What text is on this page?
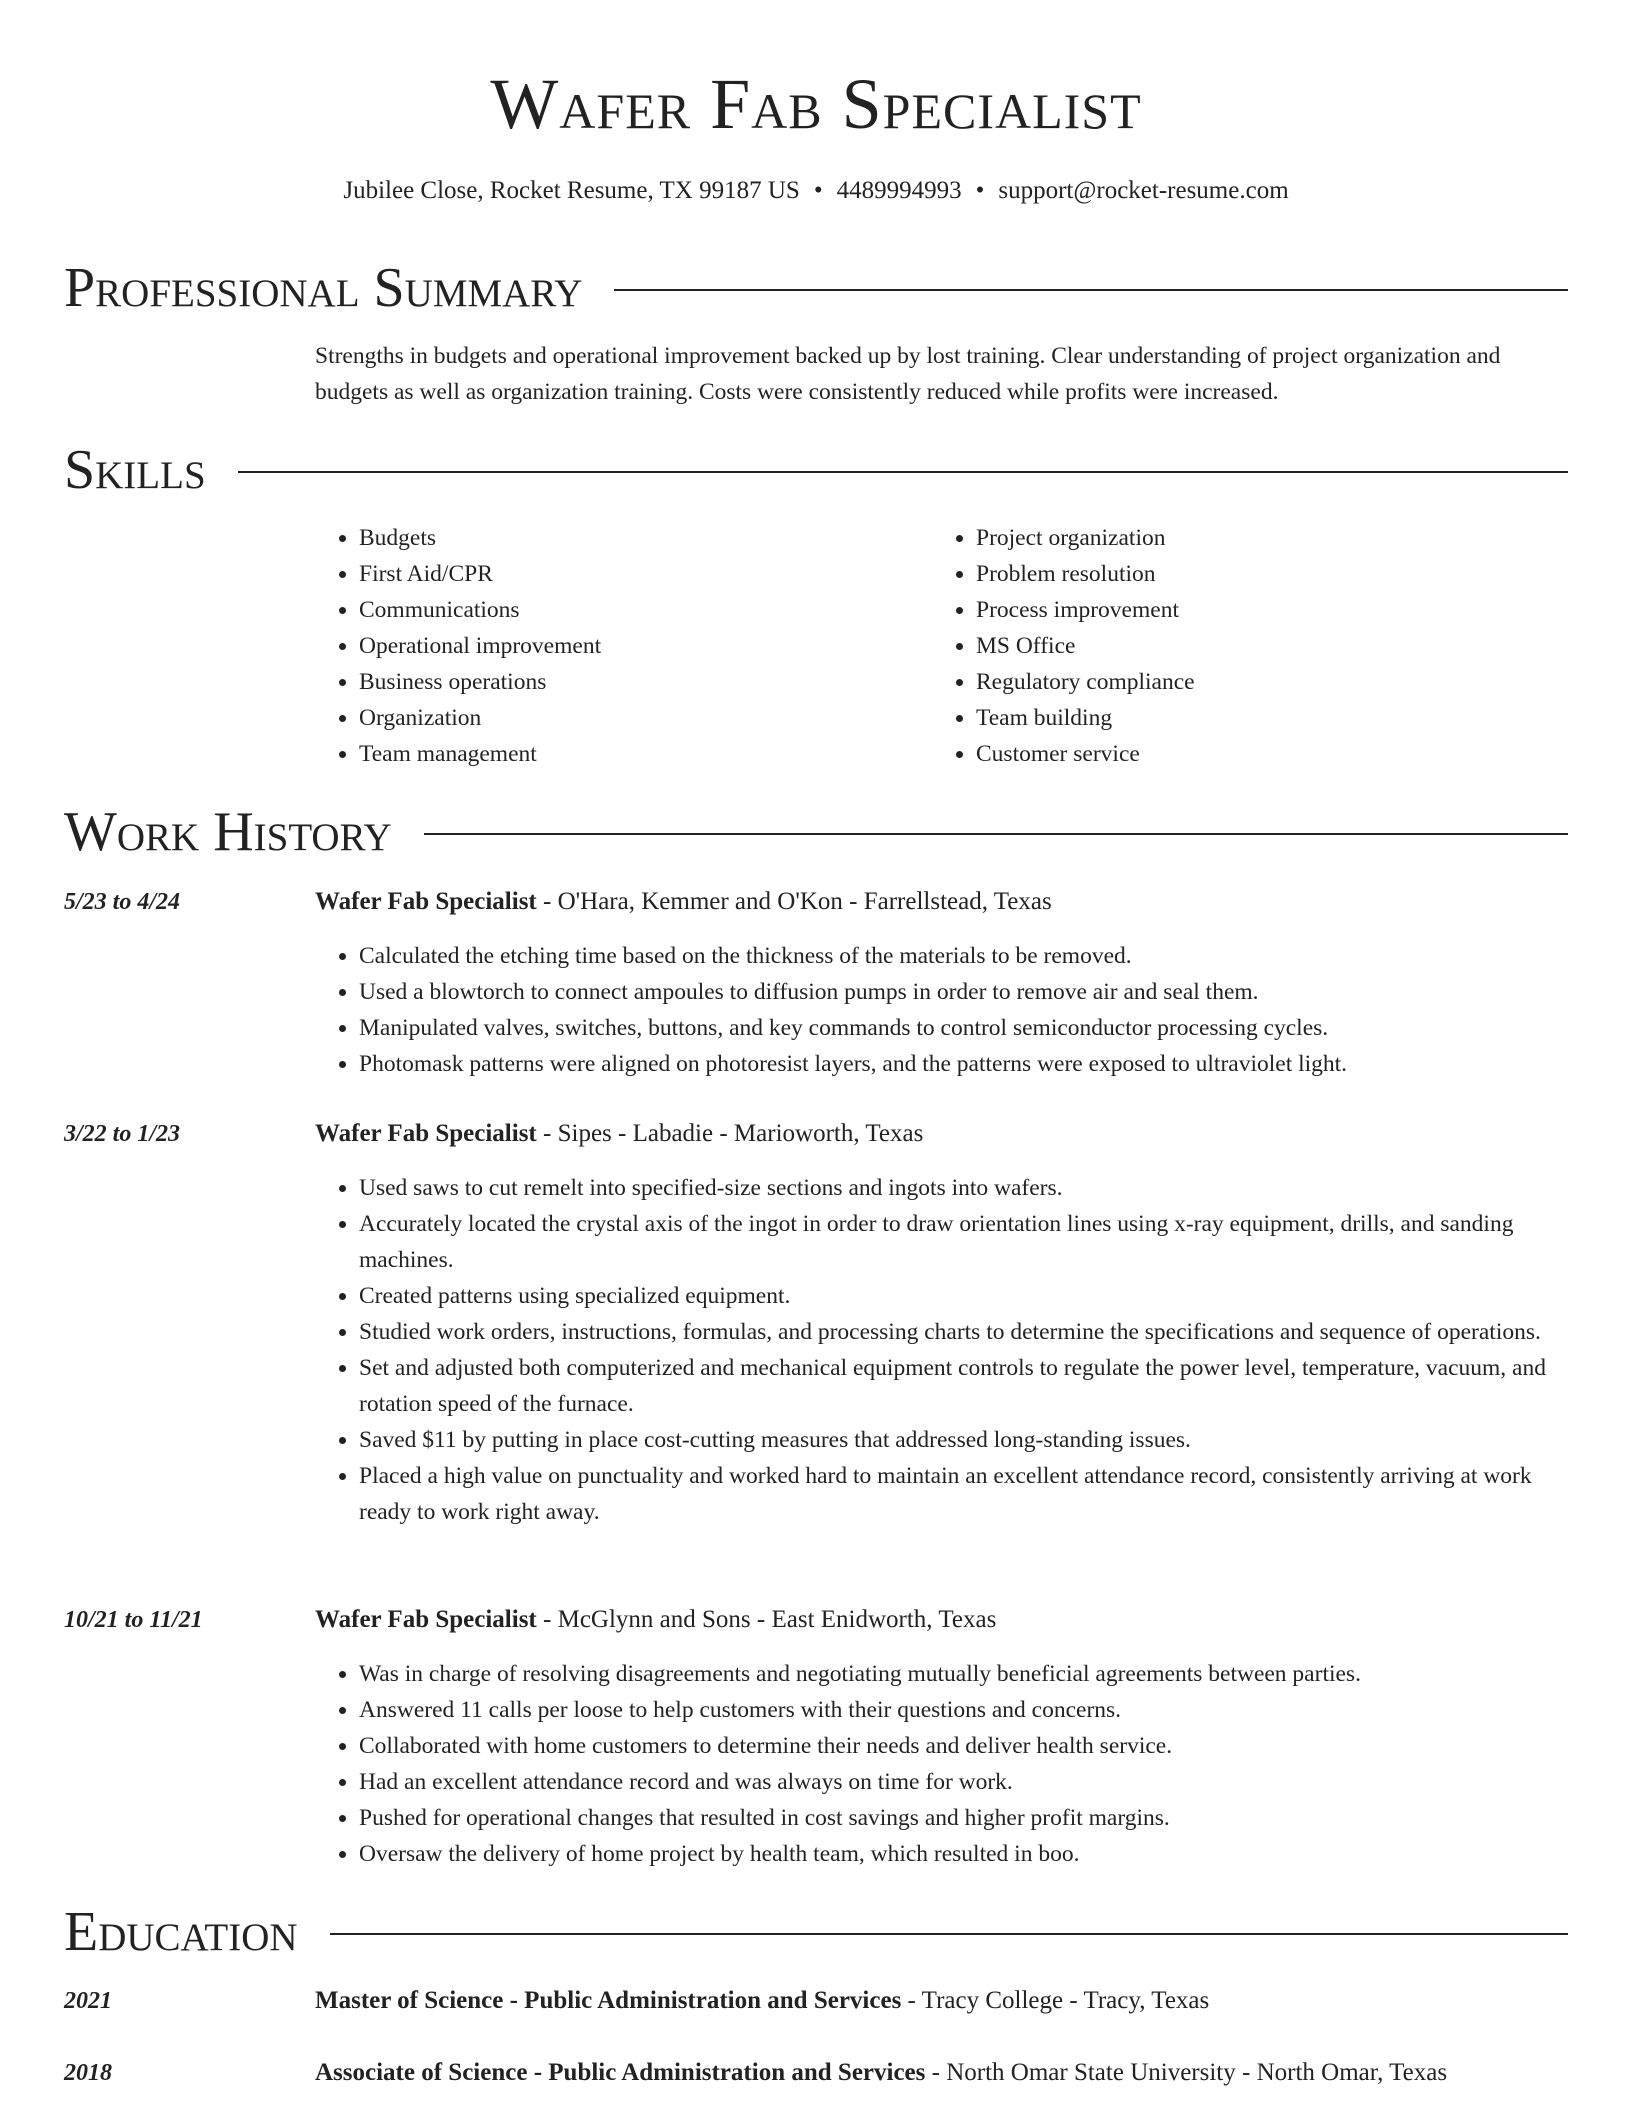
Wafer Fab Specialist
Jubilee Close, Rocket Resume, TX 99187 US • 4489994993 • support@rocket-resume.com
Professional Summary
Strengths in budgets and operational improvement backed up by lost training. Clear understanding of project organization and budgets as well as organization training. Costs were consistently reduced while profits were increased.
Skills
• Budgets
• First Aid/CPR
• Communications
• Operational improvement
• Business operations
• Organization
• Team management
• Project organization
• Problem resolution
• Process improvement
• MS Office
• Regulatory compliance
• Team building
• Customer service
Work History
5/23 to 4/24	Wafer Fab Specialist - O'Hara, Kemmer and O'Kon - Farrellstead, Texas
• Calculated the etching time based on the thickness of the materials to be removed.
• Used a blowtorch to connect ampoules to diffusion pumps in order to remove air and seal them.
• Manipulated valves, switches, buttons, and key commands to control semiconductor processing cycles.
• Photomask patterns were aligned on photoresist layers, and the patterns were exposed to ultraviolet light.
3/22 to 1/23	Wafer Fab Specialist - Sipes - Labadie - Marioworth, Texas
• Used saws to cut remelt into specified-size sections and ingots into wafers.
• Accurately located the crystal axis of the ingot in order to draw orientation lines using x-ray equipment, drills, and sanding machines.
• Created patterns using specialized equipment.
• Studied work orders, instructions, formulas, and processing charts to determine the specifications and sequence of operations.
• Set and adjusted both computerized and mechanical equipment controls to regulate the power level, temperature, vacuum, and rotation speed of the furnace.
• Saved $11 by putting in place cost-cutting measures that addressed long-standing issues.
• Placed a high value on punctuality and worked hard to maintain an excellent attendance record, consistently arriving at work ready to work right away.
10/21 to 11/21	Wafer Fab Specialist - McGlynn and Sons - East Enidworth, Texas
• Was in charge of resolving disagreements and negotiating mutually beneficial agreements between parties.
• Answered 11 calls per loose to help customers with their questions and concerns.
• Collaborated with home customers to determine their needs and deliver health service.
• Had an excellent attendance record and was always on time for work.
• Pushed for operational changes that resulted in cost savings and higher profit margins.
• Oversaw the delivery of home project by health team, which resulted in boo.
Education
2021	Master of Science - Public Administration and Services - Tracy College - Tracy, Texas
2018	Associate of Science - Public Administration and Services - North Omar State University - North Omar, Texas
